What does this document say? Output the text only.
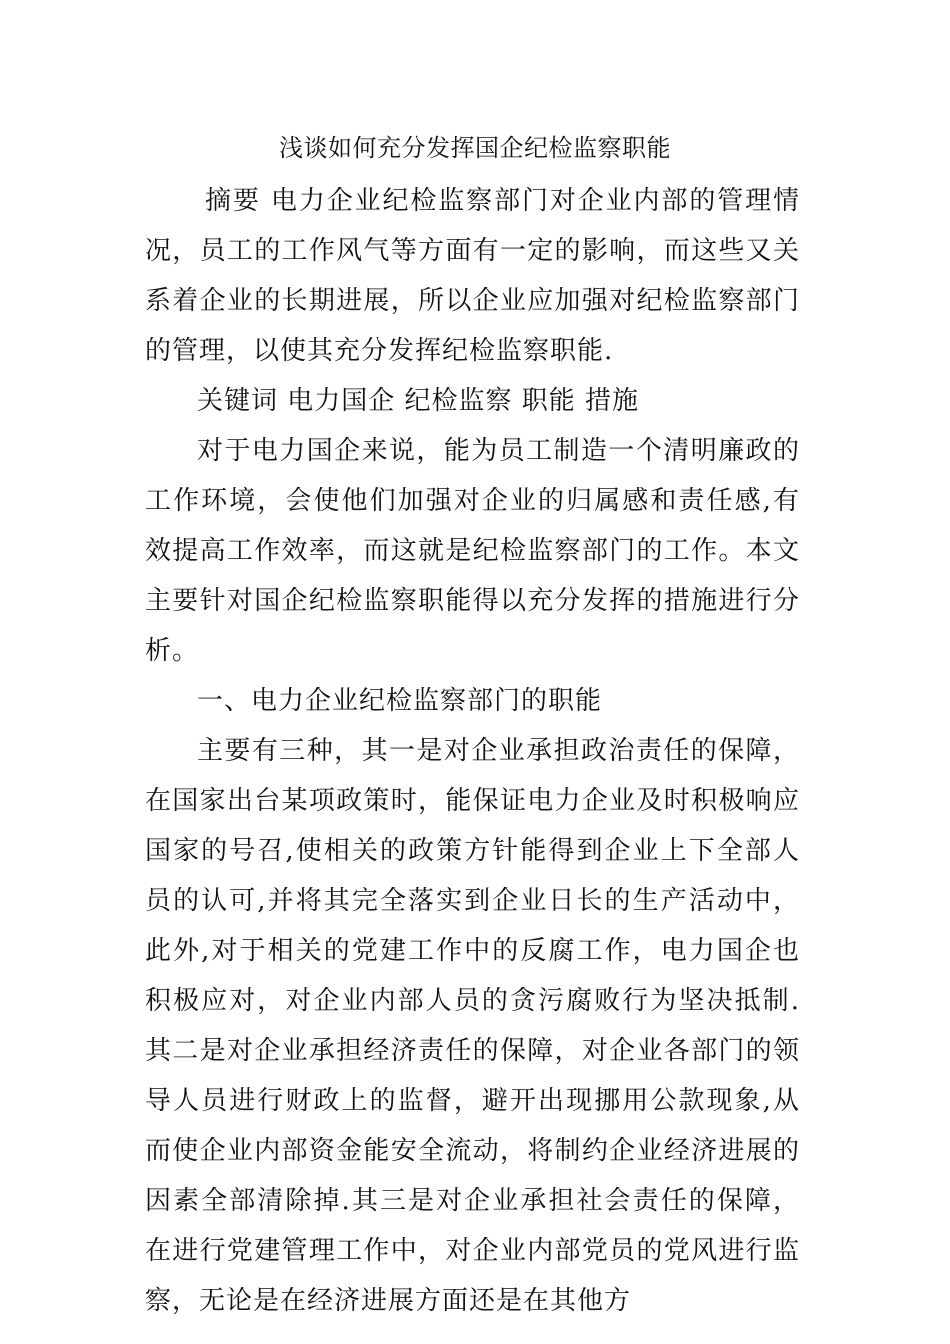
浅谈如何充分发挥国企纪检监察职能

摘要 电力企业纪检监察部门对企业内部的管理情况，员工的工作风气等方面有一定的影响，而这些又关系着企业的长期进展，所以企业应加强对纪检监察部门的管理，以使其充分发挥纪检监察职能.

关键词 电力国企 纪检监察 职能 措施

对于电力国企来说，能为员工制造一个清明廉政的工作环境，会使他们加强对企业的归属感和责任感,有效提高工作效率，而这就是纪检监察部门的工作。本文主要针对国企纪检监察职能得以充分发挥的措施进行分析。

一、电力企业纪检监察部门的职能

主要有三种，其一是对企业承担政治责任的保障，在国家出台某项政策时，能保证电力企业及时积极响应国家的号召,使相关的政策方针能得到企业上下全部人员的认可,并将其完全落实到企业日长的生产活动中，此外,对于相关的党建工作中的反腐工作，电力国企也积极应对，对企业内部人员的贪污腐败行为坚决抵制.其二是对企业承担经济责任的保障，对企业各部门的领导人员进行财政上的监督，避开出现挪用公款现象,从而使企业内部资金能安全流动，将制约企业经济进展的因素全部清除掉.其三是对企业承担社会责任的保障，在进行党建管理工作中，对企业内部党员的党风进行监察，无论是在经济进展方面还是在其他方
